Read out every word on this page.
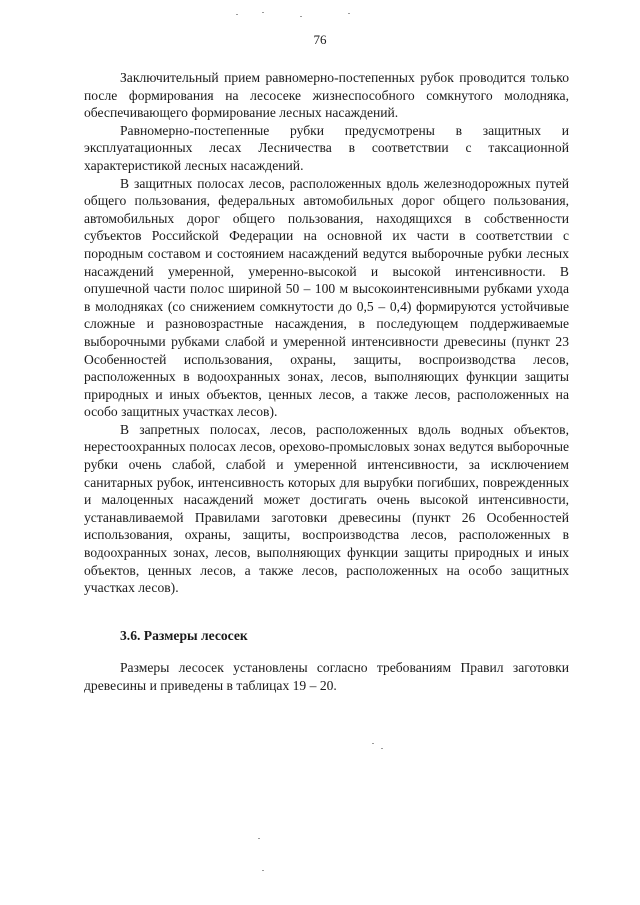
76

Заключительный прием равномерно-постепенных рубок проводится только после формирования на лесосеке жизнеспособного сомкнутого молодняка, обеспечивающего формирование лесных насаждений.

Равномерно-постепенные рубки предусмотрены в защитных и эксплуатационных лесах Лесничества в соответствии с таксационной характеристикой лесных насаждений.

В защитных полосах лесов, расположенных вдоль железнодорожных путей общего пользования, федеральных автомобильных дорог общего пользования, автомобильных дорог общего пользования, находящихся в собственности субъектов Российской Федерации на основной их части в соответствии с породным составом и состоянием насаждений ведутся выборочные рубки лесных насаждений умеренной, умеренно-высокой и высокой интенсивности. В опушечной части полос шириной 50 – 100 м высокоинтенсивными рубками ухода в молодняках (со снижением сомкнутости до 0,5 – 0,4) формируются устойчивые сложные и разновозрастные насаждения, в последующем поддерживаемые выборочными рубками слабой и умеренной интенсивности древесины (пункт 23 Особенностей использования, охраны, защиты, воспроизводства лесов, расположенных в водоохранных зонах, лесов, выполняющих функции защиты природных и иных объектов, ценных лесов, а также лесов, расположенных на особо защитных участках лесов).

В запретных полосах, лесов, расположенных вдоль водных объектов, нерестоохранных полосах лесов, орехово-промысловых зонах ведутся выборочные рубки очень слабой, слабой и умеренной интенсивности, за исключением санитарных рубок, интенсивность которых для вырубки погибших, поврежденных и малоценных насаждений может достигать очень высокой интенсивности, устанавливаемой Правилами заготовки древесины (пункт 26 Особенностей использования, охраны, защиты, воспроизводства лесов, расположенных в водоохранных зонах, лесов, выполняющих функции защиты природных и иных объектов, ценных лесов, а также лесов, расположенных на особо защитных участках лесов).

3.6. Размеры лесосек

Размеры лесосек установлены согласно требованиям Правил заготовки древесины и приведены в таблицах 19 – 20.
